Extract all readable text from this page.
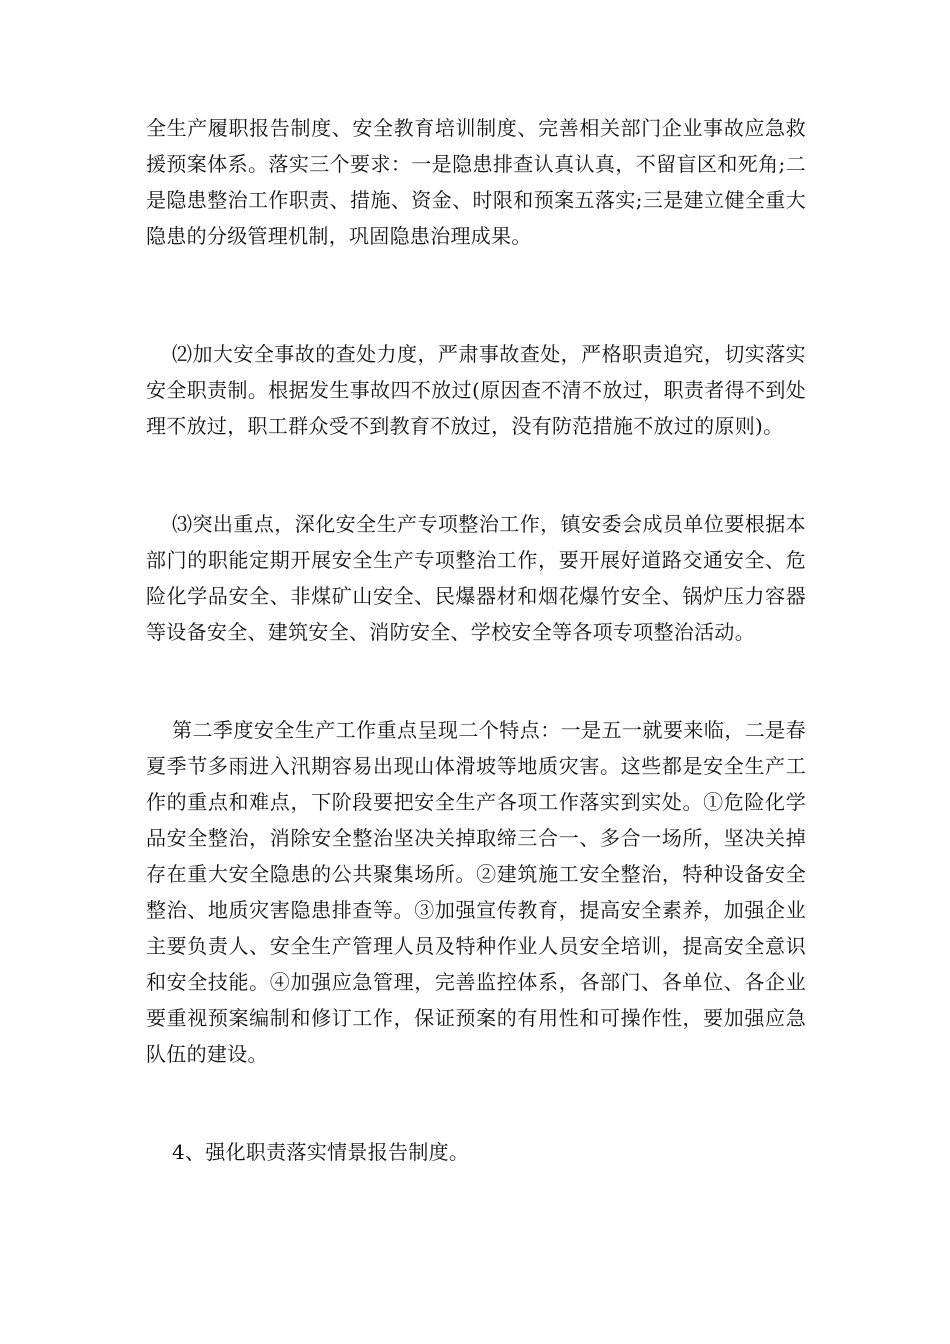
全生产履职报告制度、安全教育培训制度、完善相关部门企业事故应急救援预案体系。落实三个要求：一是隐患排查认真认真，不留盲区和死角;二是隐患整治工作职责、措施、资金、时限和预案五落实;三是建立健全重大隐患的分级管理机制，巩固隐患治理成果。

⑵加大安全事故的查处力度，严肃事故查处，严格职责追究，切实落实安全职责制。根据发生事故四不放过(原因查不清不放过，职责者得不到处理不放过，职工群众受不到教育不放过，没有防范措施不放过的原则)。

⑶突出重点，深化安全生产专项整治工作，镇安委会成员单位要根据本部门的职能定期开展安全生产专项整治工作，要开展好道路交通安全、危险化学品安全、非煤矿山安全、民爆器材和烟花爆竹安全、锅炉压力容器等设备安全、建筑安全、消防安全、学校安全等各项专项整治活动。

第二季度安全生产工作重点呈现二个特点：一是五一就要来临，二是春夏季节多雨进入汛期容易出现山体滑坡等地质灾害。这些都是安全生产工作的重点和难点，下阶段要把安全生产各项工作落实到实处。①危险化学品安全整治，消除安全整治坚决关掉取缔三合一、多合一场所，坚决关掉存在重大安全隐患的公共聚集场所。②建筑施工安全整治，特种设备安全整治、地质灾害隐患排查等。③加强宣传教育，提高安全素养，加强企业主要负责人、安全生产管理人员及特种作业人员安全培训，提高安全意识和安全技能。④加强应急管理，完善监控体系，各部门、各单位、各企业要重视预案编制和修订工作，保证预案的有用性和可操作性，要加强应急队伍的建设。

4、强化职责落实情景报告制度。
